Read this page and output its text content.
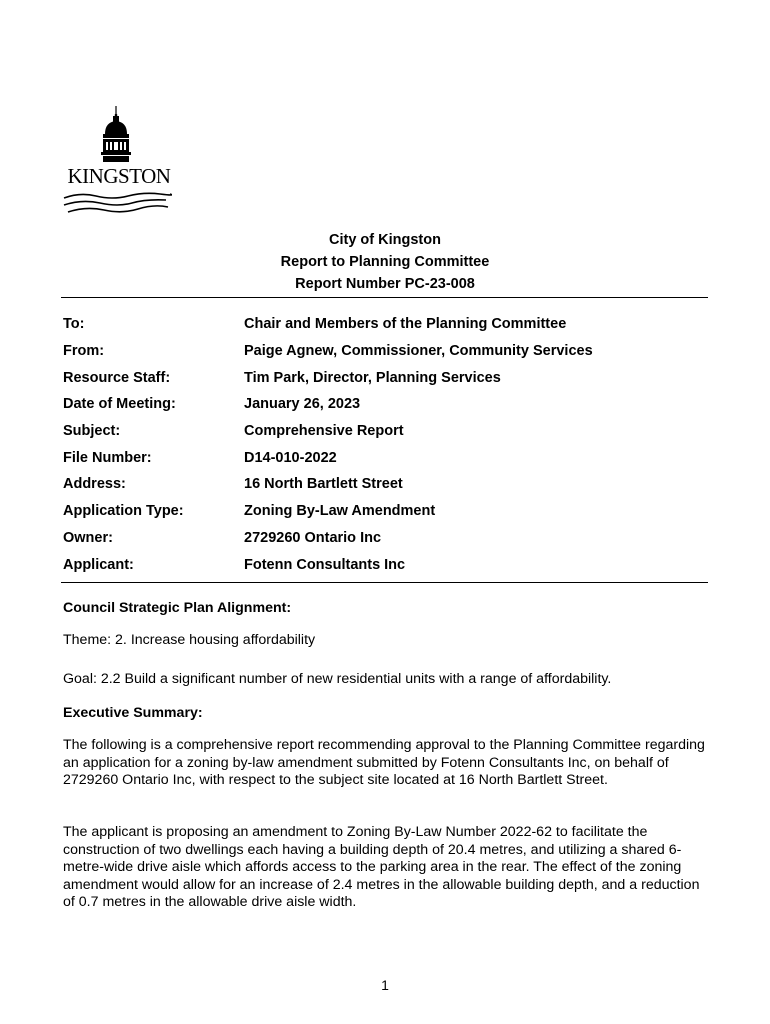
KINGSTON
City of Kingston
Report to Planning Committee
Report Number PC-23-008
To:	Chair and Members of the Planning Committee
From:	Paige Agnew, Commissioner, Community Services
Resource Staff:	Tim Park, Director, Planning Services
Date of Meeting:	January 26, 2023
Subject:	Comprehensive Report
File Number:	D14-010-2022
Address:	16 North Bartlett Street
Application Type:	Zoning By-Law Amendment
Owner:	2729260 Ontario Inc
Applicant:	Fotenn Consultants Inc
Council Strategic Plan Alignment:
Theme: 2. Increase housing affordability
Goal: 2.2 Build a significant number of new residential units with a range of affordability.
Executive Summary:
The following is a comprehensive report recommending approval to the Planning Committee regarding an application for a zoning by-law amendment submitted by Fotenn Consultants Inc, on behalf of 2729260 Ontario Inc, with respect to the subject site located at 16 North Bartlett Street.
The applicant is proposing an amendment to Zoning By-Law Number 2022-62 to facilitate the construction of two dwellings each having a building depth of 20.4 metres, and utilizing a shared 6-metre-wide drive aisle which affords access to the parking area in the rear. The effect of the zoning amendment would allow for an increase of 2.4 metres in the allowable building depth, and a reduction of 0.7 metres in the allowable drive aisle width.
1
